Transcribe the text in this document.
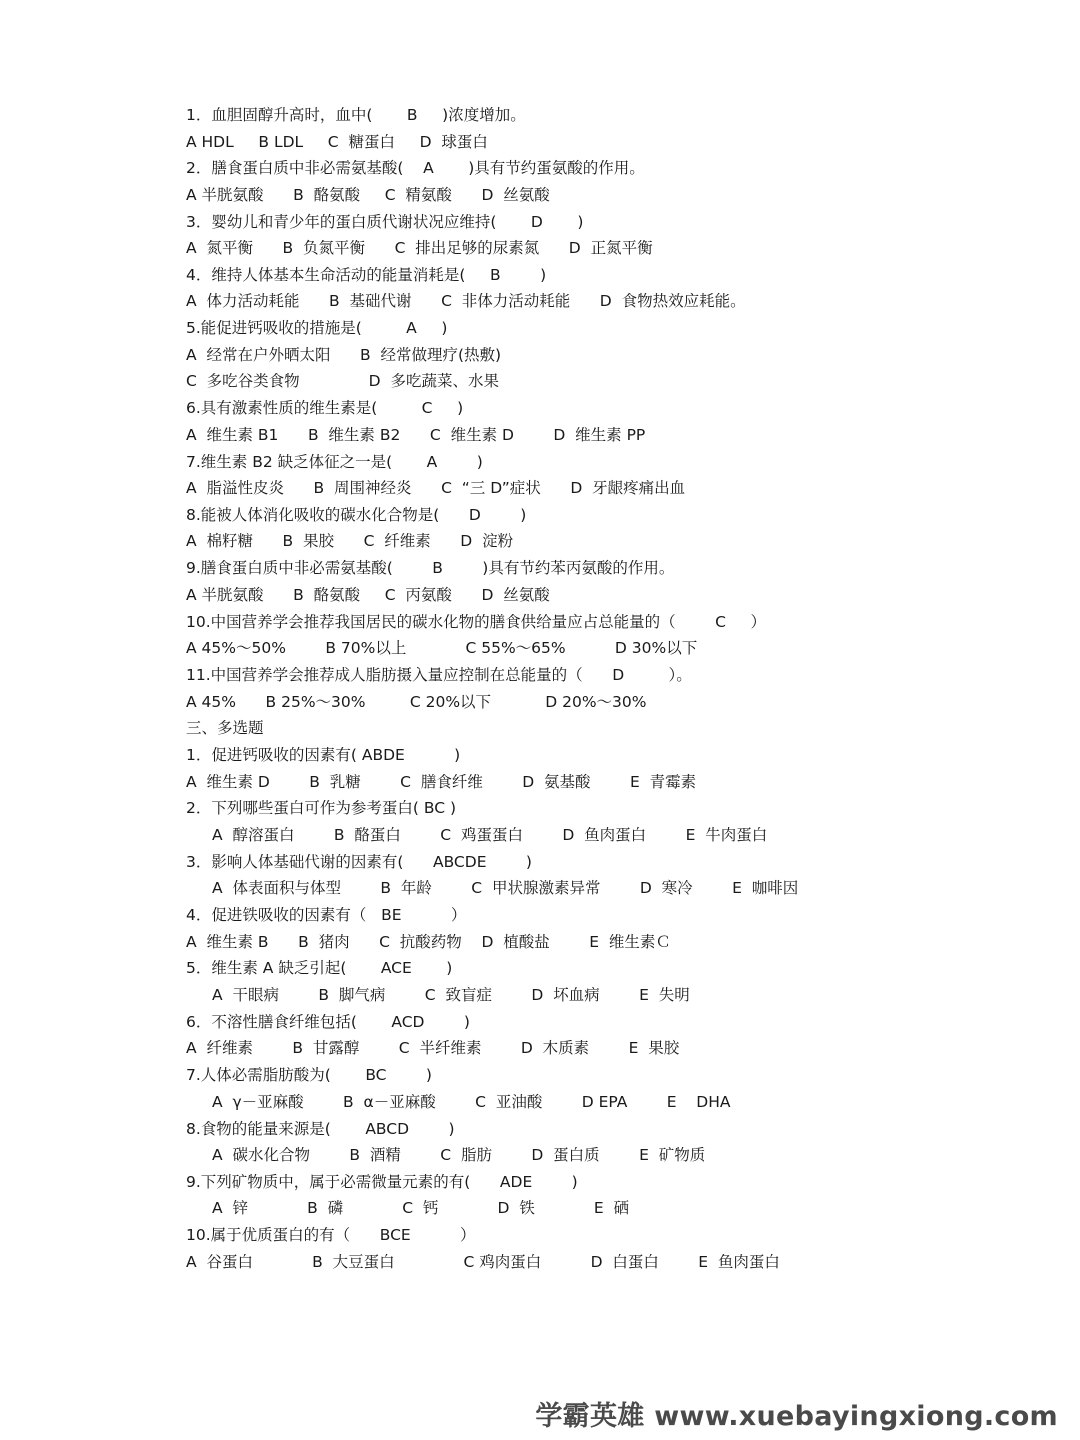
1．血胆固醇升高时，血中(       B     )浓度增加。
A HDL     B LDL     C  糖蛋白     D  球蛋白
2．膳食蛋白质中非必需氨基酸(    A       )具有节约蛋氨酸的作用。
A 半胱氨酸      B  酪氨酸     C  精氨酸      D  丝氨酸
3．婴幼儿和青少年的蛋白质代谢状况应维持(       D       )
A  氮平衡      B  负氮平衡      C  排出足够的尿素氮      D  正氮平衡
4．维持人体基本生命活动的能量消耗是(     B        )
A  体力活动耗能      B  基础代谢      C  非体力活动耗能      D  食物热效应耗能。
5.能促进钙吸收的措施是(         A     )
A  经常在户外晒太阳      B  经常做理疗(热敷)
C  多吃谷类食物              D  多吃蔬菜、水果
6.具有激素性质的维生素是(         C     )
A  维生素 B1      B  维生素 B2      C  维生素 D        D  维生素 PP
7.维生素 B2 缺乏体征之一是(       A        )
A  脂溢性皮炎      B  周围神经炎      C  “三 D”症状      D  牙龈疼痛出血
8.能被人体消化吸收的碳水化合物是(      D        )
A  棉籽糖      B  果胶      C  纤维素      D  淀粉
9.膳食蛋白质中非必需氨基酸(        B        )具有节约苯丙氨酸的作用。
A 半胱氨酸      B  酪氨酸     C  丙氨酸      D  丝氨酸
10.中国营养学会推荐我国居民的碳水化物的膳食供给量应占总能量的（        C     ）
A 45%～50%        B 70%以上            C 55%～65%          D 30%以下
11.中国营养学会推荐成人脂肪摄入量应控制在总能量的（      D         ）。
A 45%      B 25%～30%         C 20%以下           D 20%～30%
三、多选题
1．促进钙吸收的因素有( ABDE          )
A  维生素 D        B  乳糖        C  膳食纤维        D  氨基酸        E  青霉素
2．下列哪些蛋白可作为参考蛋白( BC )
A  醇溶蛋白        B  酪蛋白        C  鸡蛋蛋白        D  鱼肉蛋白        E  牛肉蛋白
3．影响人体基础代谢的因素有(      ABCDE        )
A  体表面积与体型        B  年龄        C  甲状腺激素异常        D  寒冷        E  咖啡因
4．促进铁吸收的因素有（   BE          ）
A  维生素 B      B  猪肉      C  抗酸药物    D  植酸盐        E  维生素Ｃ
5．维生素 A 缺乏引起(       ACE       )
A  干眼病        B  脚气病        C  致盲症        D  坏血病        E  失明
6．不溶性膳食纤维包括(       ACD        )
A  纤维素        B  甘露醇        C  半纤维素        D  木质素        E  果胶
7.人体必需脂肪酸为(       BC        )
A  γ－亚麻酸        B  α－亚麻酸        C  亚油酸        D EPA        E    DHA
8.食物的能量来源是(       ABCD        )
A  碳水化合物        B  酒精        C  脂肪        D  蛋白质        E  矿物质
9.下列矿物质中，属于必需微量元素的有(      ADE        )
A  锌            B  磷            C  钙            D  铁            E  硒
10.属于优质蛋白的有（      BCE          ）
A  谷蛋白            B  大豆蛋白              C 鸡肉蛋白          D  白蛋白        E  鱼肉蛋白
学霸英雄 www.xuebayingxiong.com
